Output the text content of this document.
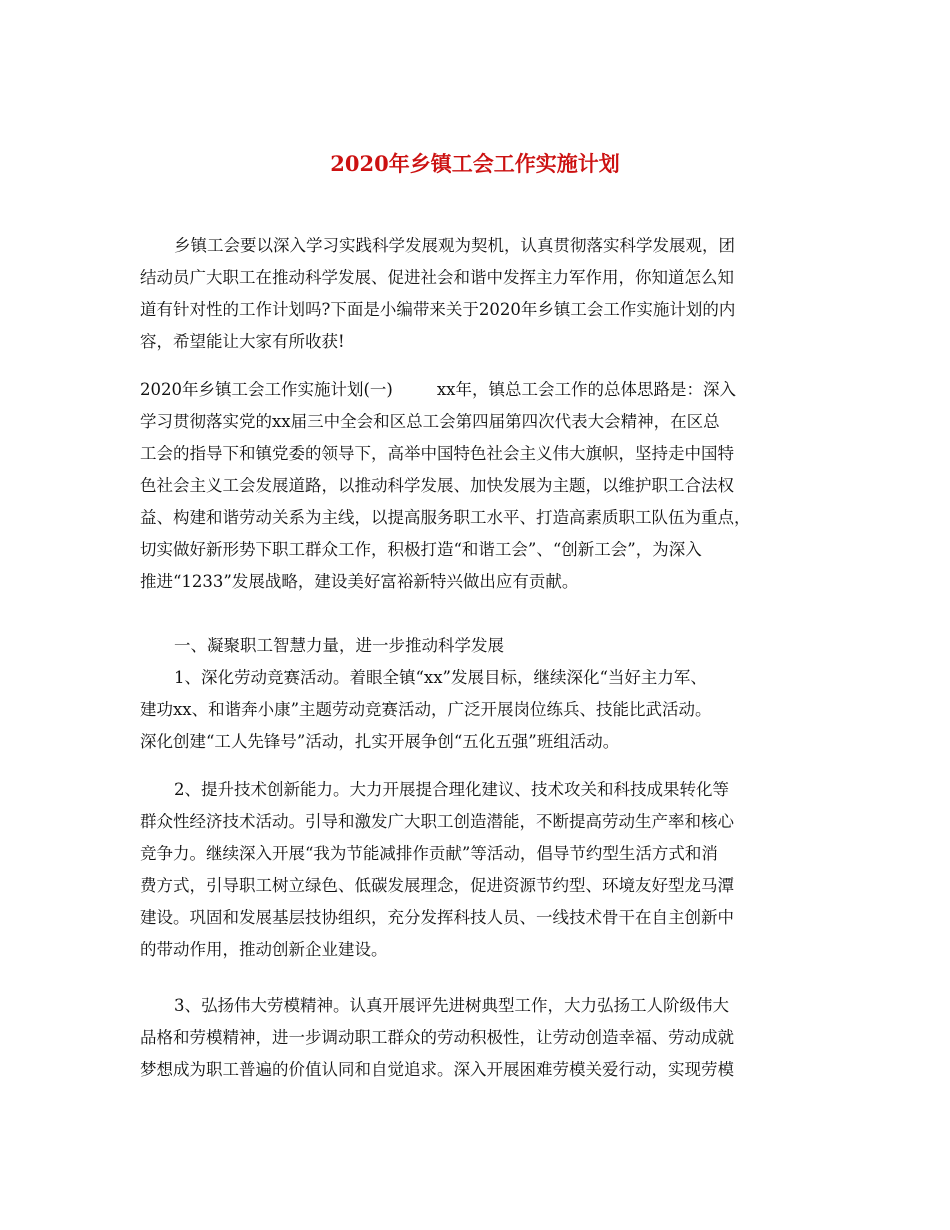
2020年乡镇工会工作实施计划
乡镇工会要以深入学习实践科学发展观为契机，认真贯彻落实科学发展观，团
结动员广大职工在推动科学发展、促进社会和谐中发挥主力军作用，你知道怎么知
道有针对性的工作计划吗?下面是小编带来关于2020年乡镇工会工作实施计划的内
容，希望能让大家有所收获!
2020年乡镇工会工作实施计划(一)	xx年，镇总工会工作的总体思路是：深入
学习贯彻落实党的xx届三中全会和区总工会第四届第四次代表大会精神，在区总
工会的指导下和镇党委的领导下，高举中国特色社会主义伟大旗帜，坚持走中国特
色社会主义工会发展道路，以推动科学发展、加快发展为主题，以维护职工合法权
益、构建和谐劳动关系为主线，以提高服务职工水平、打造高素质职工队伍为重点，
切实做好新形势下职工群众工作，积极打造“和谐工会”、“创新工会”，为深入
推进“1233”发展战略，建设美好富裕新特兴做出应有贡献。
一、凝聚职工智慧力量，进一步推动科学发展
1、深化劳动竞赛活动。着眼全镇“xx”发展目标，继续深化“当好主力军、
建功xx、和谐奔小康”主题劳动竞赛活动，广泛开展岗位练兵、技能比武活动。
深化创建“工人先锋号”活动，扎实开展争创“五化五强”班组活动。
2、提升技术创新能力。大力开展提合理化建议、技术攻关和科技成果转化等
群众性经济技术活动。引导和激发广大职工创造潜能，不断提高劳动生产率和核心
竞争力。继续深入开展“我为节能减排作贡献”等活动，倡导节约型生活方式和消
费方式，引导职工树立绿色、低碳发展理念，促进资源节约型、环境友好型龙马潭
建设。巩固和发展基层技协组织，充分发挥科技人员、一线技术骨干在自主创新中
的带动作用，推动创新企业建设。
3、弘扬伟大劳模精神。认真开展评先进树典型工作，大力弘扬工人阶级伟大
品格和劳模精神，进一步调动职工群众的劳动积极性，让劳动创造幸福、劳动成就
梦想成为职工普遍的价值认同和自觉追求。深入开展困难劳模关爱行动，实现劳模
